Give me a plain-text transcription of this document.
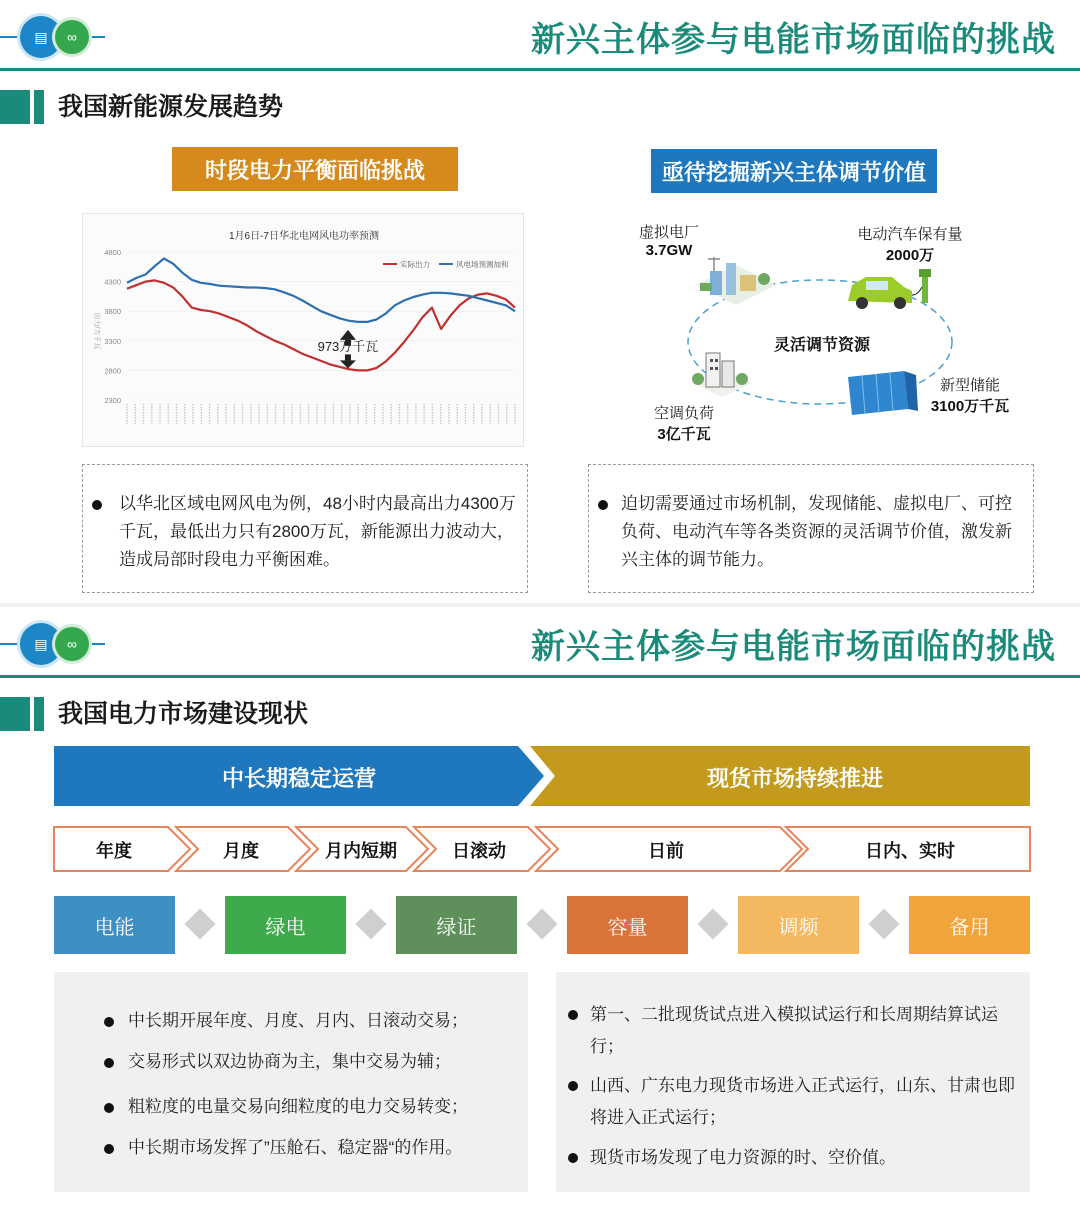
▤	∞	新兴主体参与电能市场面临的挑战
我国新能源发展趋势
时段电力平衡面临挑战	亟待挖掘新兴主体调节价值
1月6日-7日华北电网风电功率预测
4800
4300
3800
3300
2800
2300
实际出力	风电场预测加和
973万千瓦
出力/万千瓦
以华北区域电网风电为例，48小时内最高出力4300万千瓦，最低出力只有2800万瓦，新能源出力波动大，造成局部时段电力平衡困难。
灵活调节资源
虚拟电厂
3.7GW
电动汽车保有量
2000万
新型储能
3100万千瓦
空调负荷
3亿千瓦
迫切需要通过市场机制，发现储能、虚拟电厂、可控负荷、电动汽车等各类资源的灵活调节价值，激发新兴主体的调节能力。
▤	∞	新兴主体参与电能市场面临的挑战
我国电力市场建设现状
中长期稳定运营	现货市场持续推进
年度	月度	月内短期	日滚动	日前	日内、实时
电能	绿电	绿证	容量	调频	备用
中长期开展年度、月度、月内、日滚动交易；
交易形式以双边协商为主，集中交易为辅；
粗粒度的电量交易向细粒度的电力交易转变；
中长期市场发挥了”压舱石、稳定器“的作用。
第一、二批现货试点进入模拟试运行和长周期结算试运行；
山西、广东电力现货市场进入正式运行，山东、甘肃也即将进入正式运行；
现货市场发现了电力资源的时、空价值。
